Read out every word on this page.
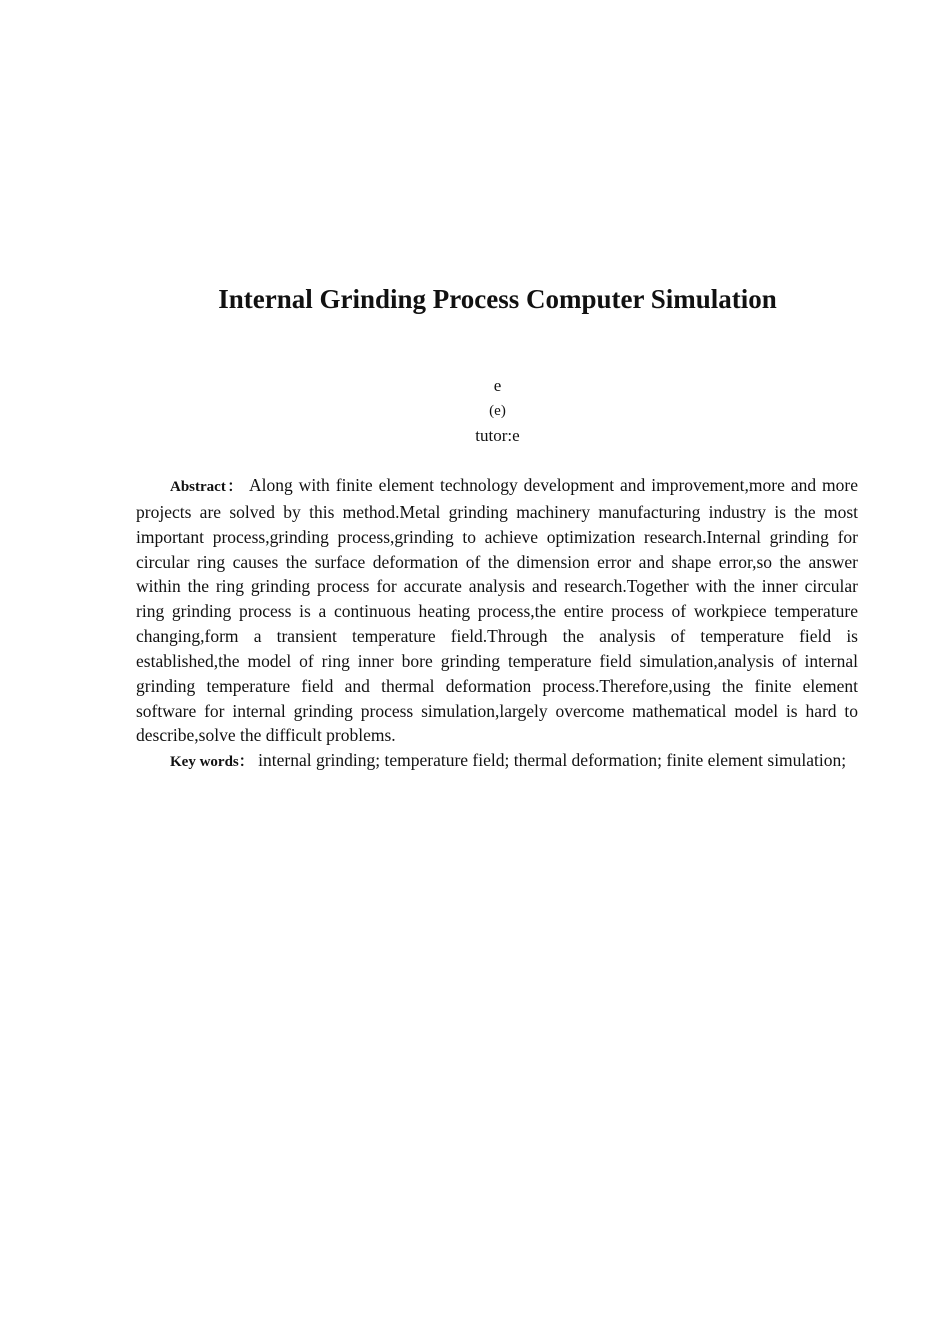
Internal Grinding Process Computer Simulation
e
(e)
tutor:e

Abstract： Along with finite element technology development and improvement,more and more projects are solved by this method.Metal grinding machinery manufacturing industry is the most important process,grinding process,grinding to achieve optimization research.Internal grinding for circular ring causes the surface deformation of the dimension error and shape error,so the answer within the ring grinding process for accurate analysis and research.Together with the inner circular ring grinding process is a continuous heating process,the entire process of workpiece temperature changing,form a transient temperature field.Through the analysis of temperature field is established,the model of ring inner bore grinding temperature field simulation,analysis of internal grinding temperature field and thermal deformation process.Therefore,using the finite element software for internal grinding process simulation,largely overcome mathematical model is hard to describe,solve the difficult problems.

Key words： internal grinding; temperature field; thermal deformation; finite element simulation;
